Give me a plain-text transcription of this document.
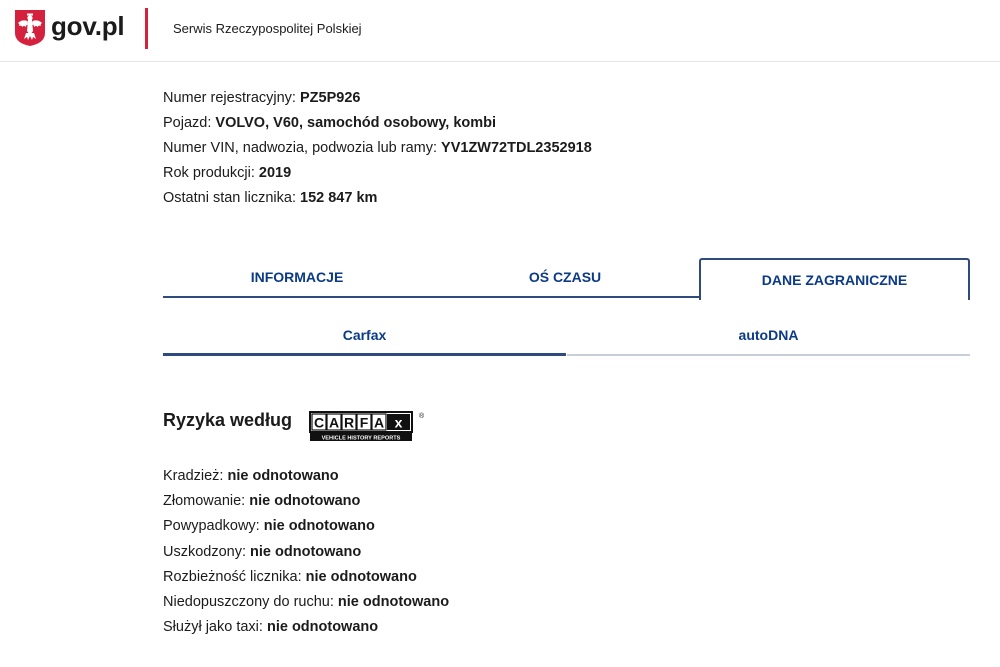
gov.pl	Serwis Rzeczypospolitej Polskiej
Numer rejestracyjny: PZ5P926
Pojazd: VOLVO, V60, samochód osobowy, kombi
Numer VIN, nadwozia, podwozia lub ramy: YV1ZW72TDL2352918
Rok produkcji: 2019
Ostatni stan licznika: 152 847 km
INFORMACJE	OŚ CZASU	DANE ZAGRANICZNE
Carfax	autoDNA
Ryzyka według C A R F A x ®
VEHICLE HISTORY REPORTS
Kradzież: nie odnotowano
Złomowanie: nie odnotowano
Powypadkowy: nie odnotowano
Uszkodzony: nie odnotowano
Rozbieżność licznika: nie odnotowano
Niedopuszczony do ruchu: nie odnotowano
Służył jako taxi: nie odnotowano
